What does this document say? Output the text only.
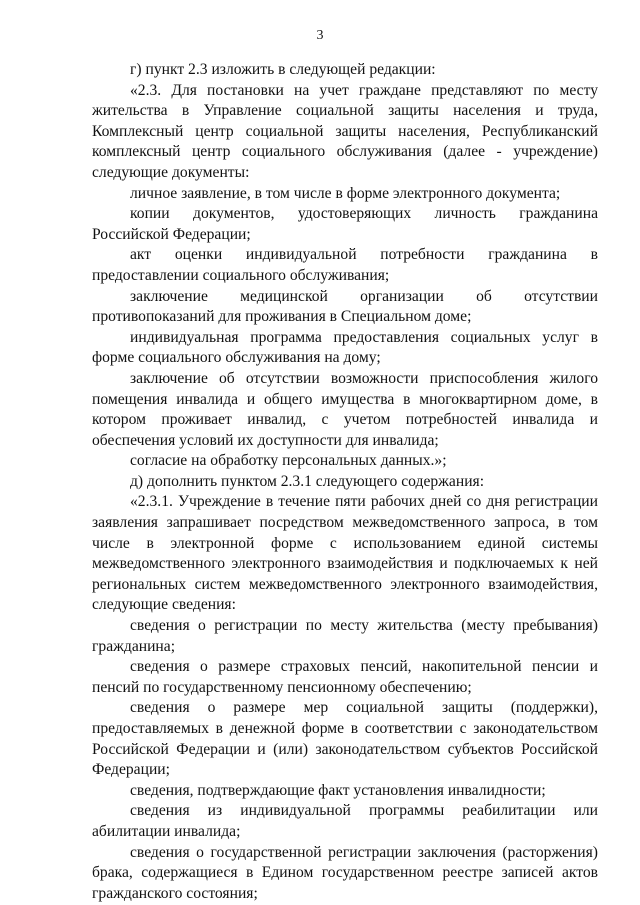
3

г) пункт 2.3 изложить в следующей редакции:

«2.3. Для постановки на учет граждане представляют по месту жительства в Управление социальной защиты населения и труда, Комплексный центр социальной защиты населения, Республиканский комплексный центр социального обслуживания (далее - учреждение) следующие документы:

личное заявление, в том числе в форме электронного документа;

копии документов, удостоверяющих личность гражданина Российской Федерации;

акт оценки индивидуальной потребности гражданина в предоставлении социального обслуживания;

заключение медицинской организации об отсутствии противопоказаний для проживания в Специальном доме;

индивидуальная программа предоставления социальных услуг в форме социального обслуживания на дому;

заключение об отсутствии возможности приспособления жилого помещения инвалида и общего имущества в многоквартирном доме, в котором проживает инвалид, с учетом потребностей инвалида и обеспечения условий их доступности для инвалида;

согласие на обработку персональных данных.»;

д) дополнить пунктом 2.3.1 следующего содержания:

«2.3.1. Учреждение в течение пяти рабочих дней со дня регистрации заявления запрашивает посредством межведомственного запроса, в том числе в электронной форме с использованием единой системы межведомственного электронного взаимодействия и подключаемых к ней региональных систем межведомственного электронного взаимодействия, следующие сведения:

сведения о регистрации по месту жительства (месту пребывания) гражданина;

сведения о размере страховых пенсий, накопительной пенсии и пенсий по государственному пенсионному обеспечению;

сведения о размере мер социальной защиты (поддержки), предоставляемых в денежной форме в соответствии с законодательством Российской Федерации и (или) законодательством субъектов Российской Федерации;

сведения, подтверждающие факт установления инвалидности;

сведения из индивидуальной программы реабилитации или абилитации инвалида;

сведения о государственной регистрации заключения (расторжения) брака, содержащиеся в Едином государственном реестре записей актов гражданского состояния;
